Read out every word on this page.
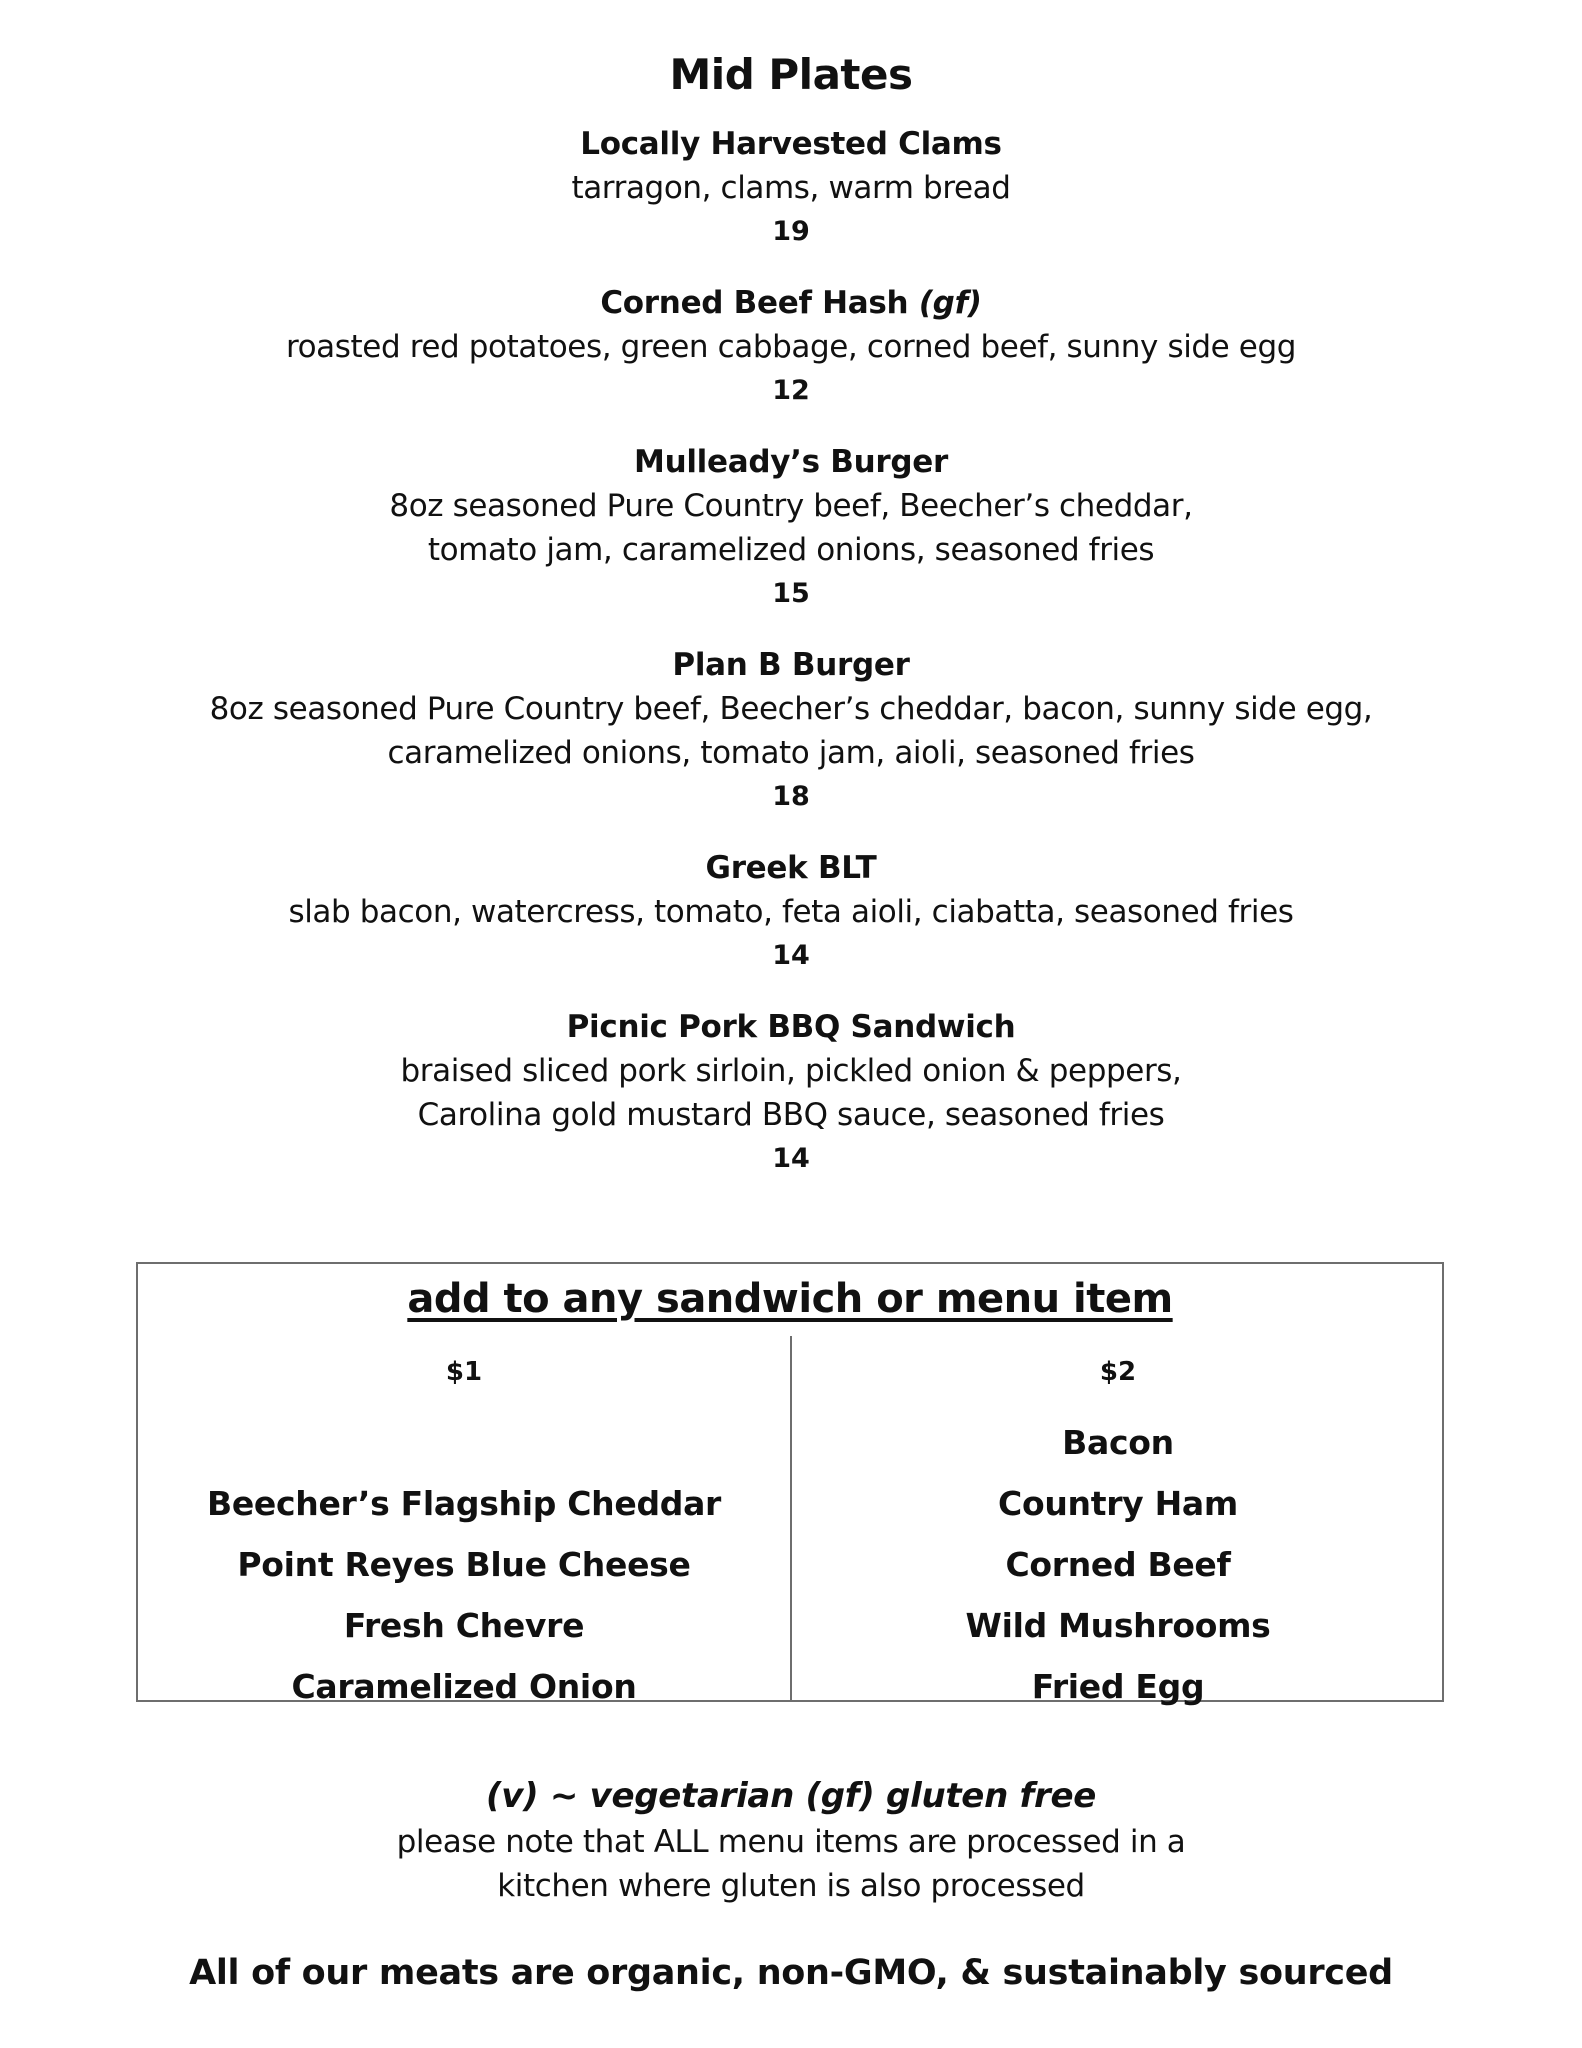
Mid Plates
Locally Harvested Clams
tarragon, clams, warm bread
19
Corned Beef Hash (gf)
roasted red potatoes, green cabbage, corned beef, sunny side egg
12
Mulleady’s Burger
8oz seasoned Pure Country beef, Beecher’s cheddar,
tomato jam, caramelized onions, seasoned fries
15
Plan B Burger
8oz seasoned Pure Country beef, Beecher’s cheddar, bacon, sunny side egg,
caramelized onions, tomato jam, aioli, seasoned fries
18
Greek BLT
slab bacon, watercress, tomato, feta aioli, ciabatta, seasoned fries
14
Picnic Pork BBQ Sandwich
braised sliced pork sirloin, pickled onion & peppers,
Carolina gold mustard BBQ sauce, seasoned fries
14
add to any sandwich or menu item
$1
Beecher’s Flagship Cheddar
Point Reyes Blue Cheese
Fresh Chevre
Caramelized Onion
$2
Bacon
Country Ham
Corned Beef
Wild Mushrooms
Fried Egg
(v) ~ vegetarian (gf) gluten free
please note that ALL menu items are processed in a
kitchen where gluten is also processed
All of our meats are organic, non-GMO, & sustainably sourced
